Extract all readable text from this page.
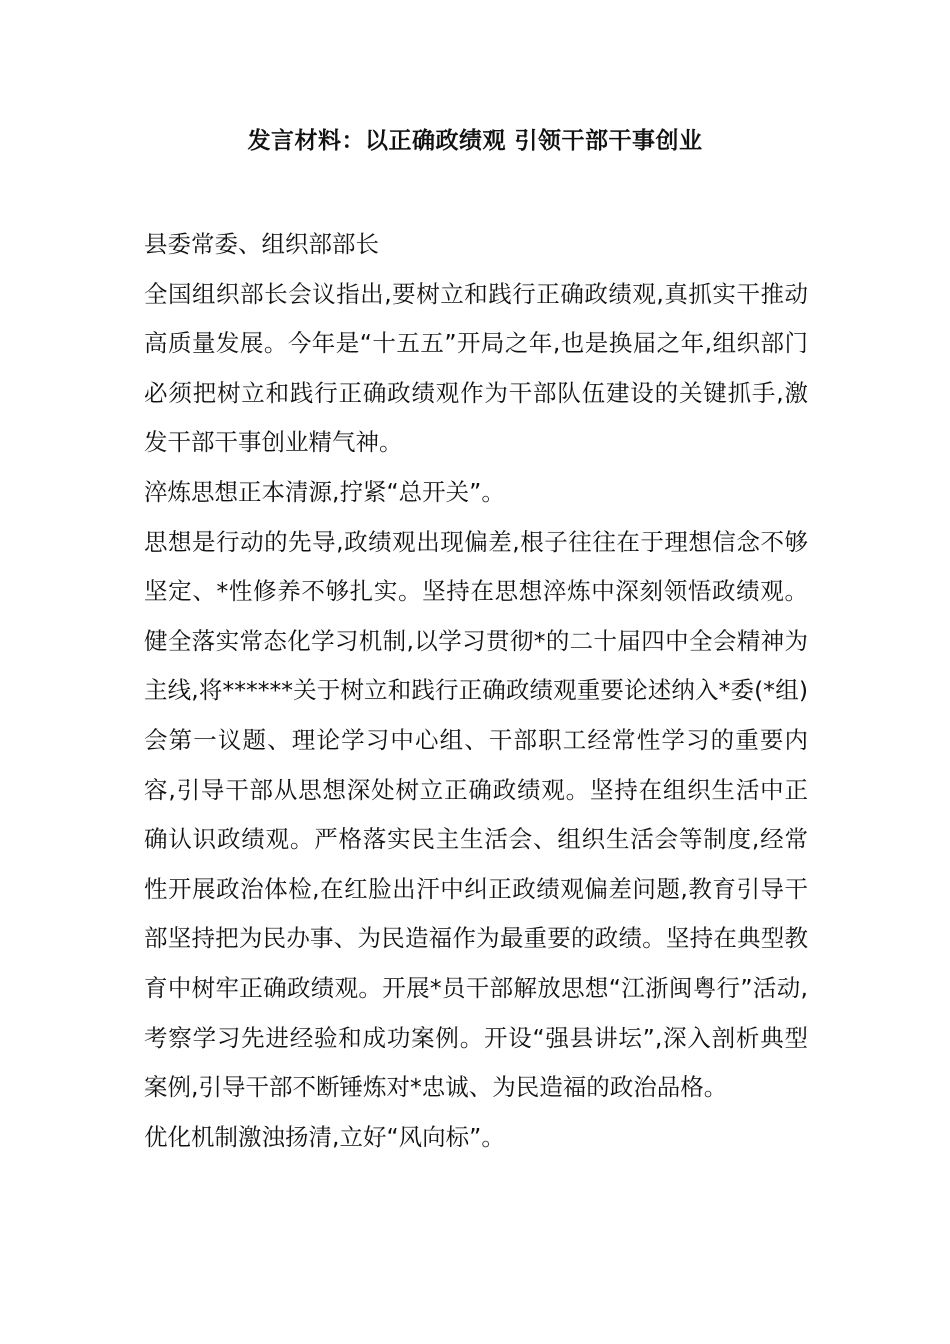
发言材料：以正确政绩观 引领干部干事创业

县委常委、组织部部长

全国组织部长会议指出,要树立和践行正确政绩观,真抓实干推动高质量发展。今年是“十五五”开局之年,也是换届之年,组织部门必须把树立和践行正确政绩观作为干部队伍建设的关键抓手,激发干部干事创业精气神。

淬炼思想正本清源,拧紧“总开关”。

思想是行动的先导,政绩观出现偏差,根子往往在于理想信念不够坚定、*性修养不够扎实。坚持在思想淬炼中深刻领悟政绩观。健全落实常态化学习机制,以学习贯彻*的二十届四中全会精神为主线,将******关于树立和践行正确政绩观重要论述纳入*委(*组)会第一议题、理论学习中心组、干部职工经常性学习的重要内容,引导干部从思想深处树立正确政绩观。坚持在组织生活中正确认识政绩观。严格落实民主生活会、组织生活会等制度,经常性开展政治体检,在红脸出汗中纠正政绩观偏差问题,教育引导干部坚持把为民办事、为民造福作为最重要的政绩。坚持在典型教育中树牢正确政绩观。开展*员干部解放思想“江浙闽粤行”活动,考察学习先进经验和成功案例。开设“强县讲坛”,深入剖析典型案例,引导干部不断锤炼对*忠诚、为民造福的政治品格。

优化机制激浊扬清,立好“风向标”。
